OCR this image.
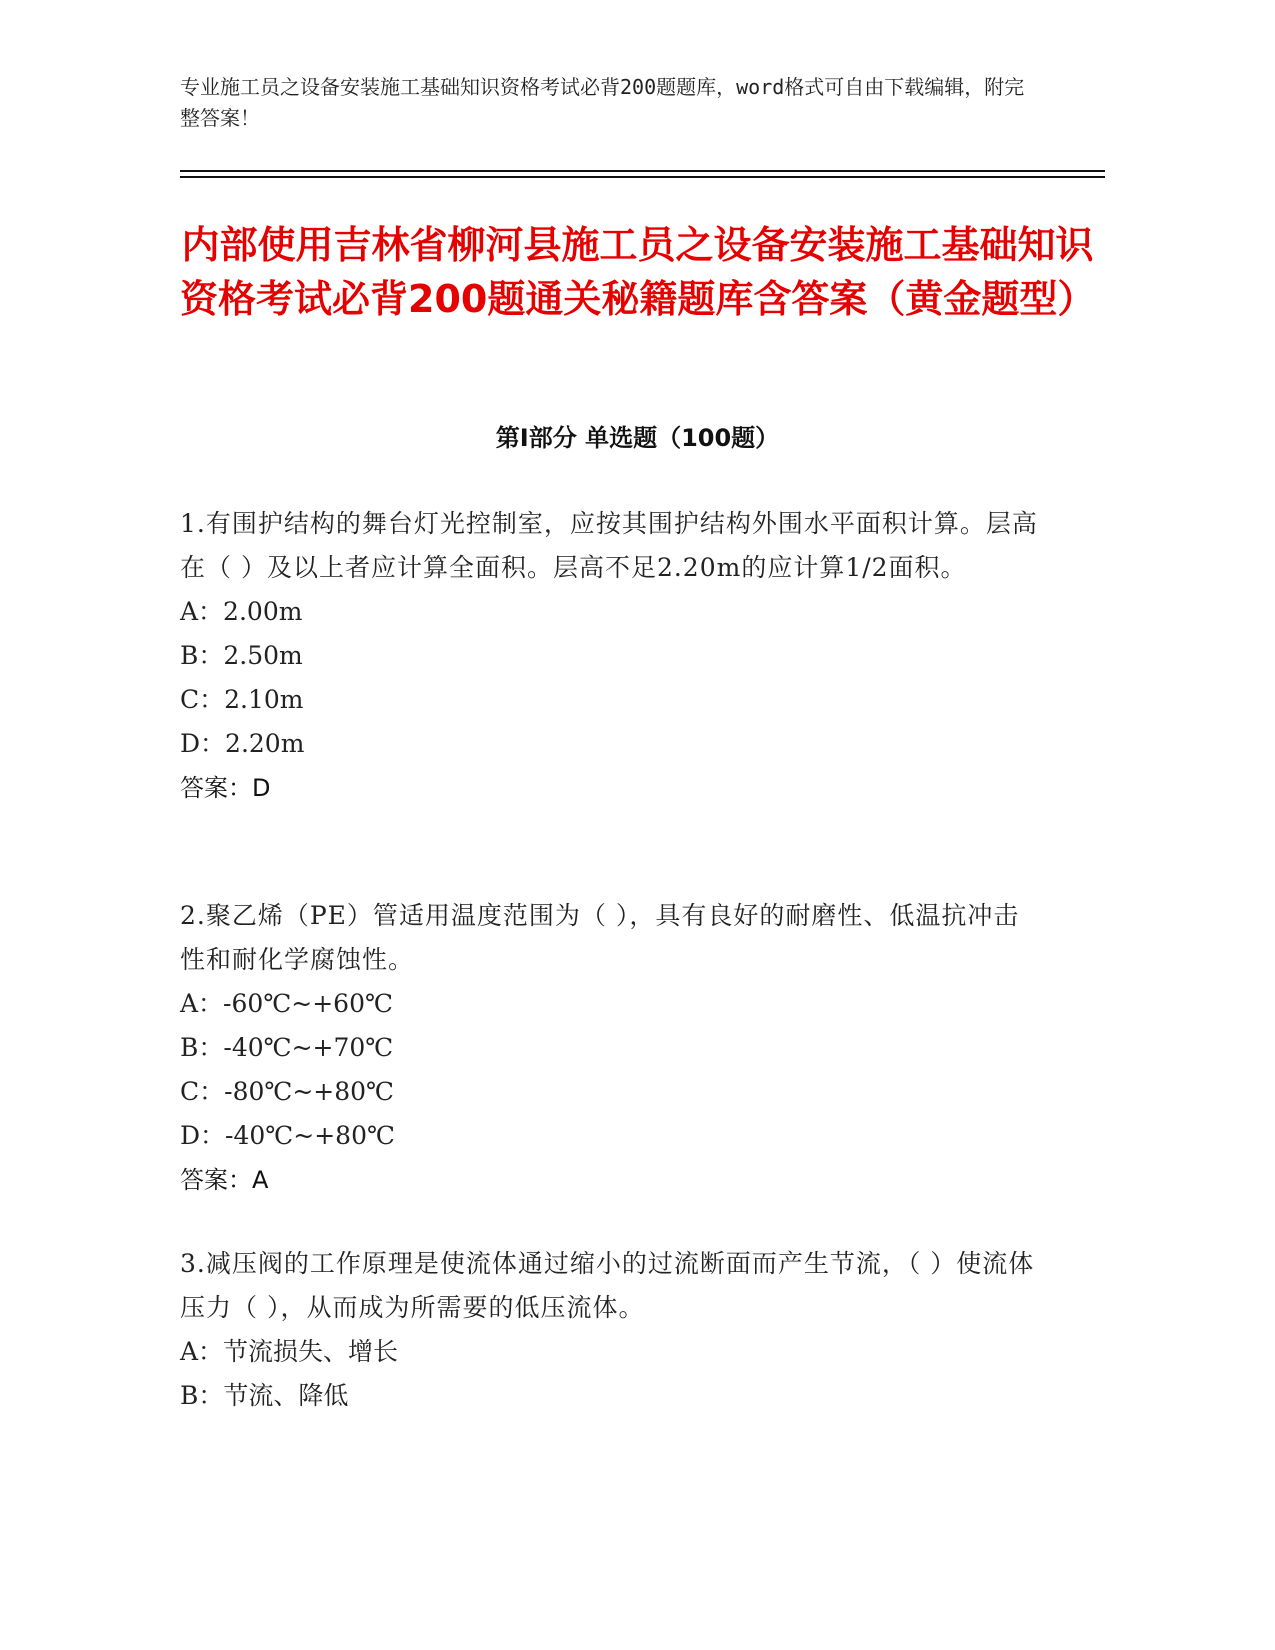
专业施工员之设备安装施工基础知识资格考试必背200题题库，word格式可自由下载编辑，附完整答案！
内部使用吉林省柳河县施工员之设备安装施工基础知识资格考试必背200题通关秘籍题库含答案（黄金题型）
第Ⅰ部分 单选题（100题）

1.有围护结构的舞台灯光控制室，应按其围护结构外围水平面积计算。层高在（ ）及以上者应计算全面积。层高不足2.20m的应计算1/2面积。

A：2.00m

B：2.50m

C：2.10m

D：2.20m

答案：D

2.聚乙烯（PE）管适用温度范围为（ ），具有良好的耐磨性、低温抗冲击性和耐化学腐蚀性。

A：-60℃~+60℃

B：-40℃~+70℃

C：-80℃~+80℃

D：-40℃~+80℃

答案：A

3.减压阀的工作原理是使流体通过缩小的过流断面而产生节流，（ ）使流体压力（ ），从而成为所需要的低压流体。

A：节流损失、增长

B：节流、降低
